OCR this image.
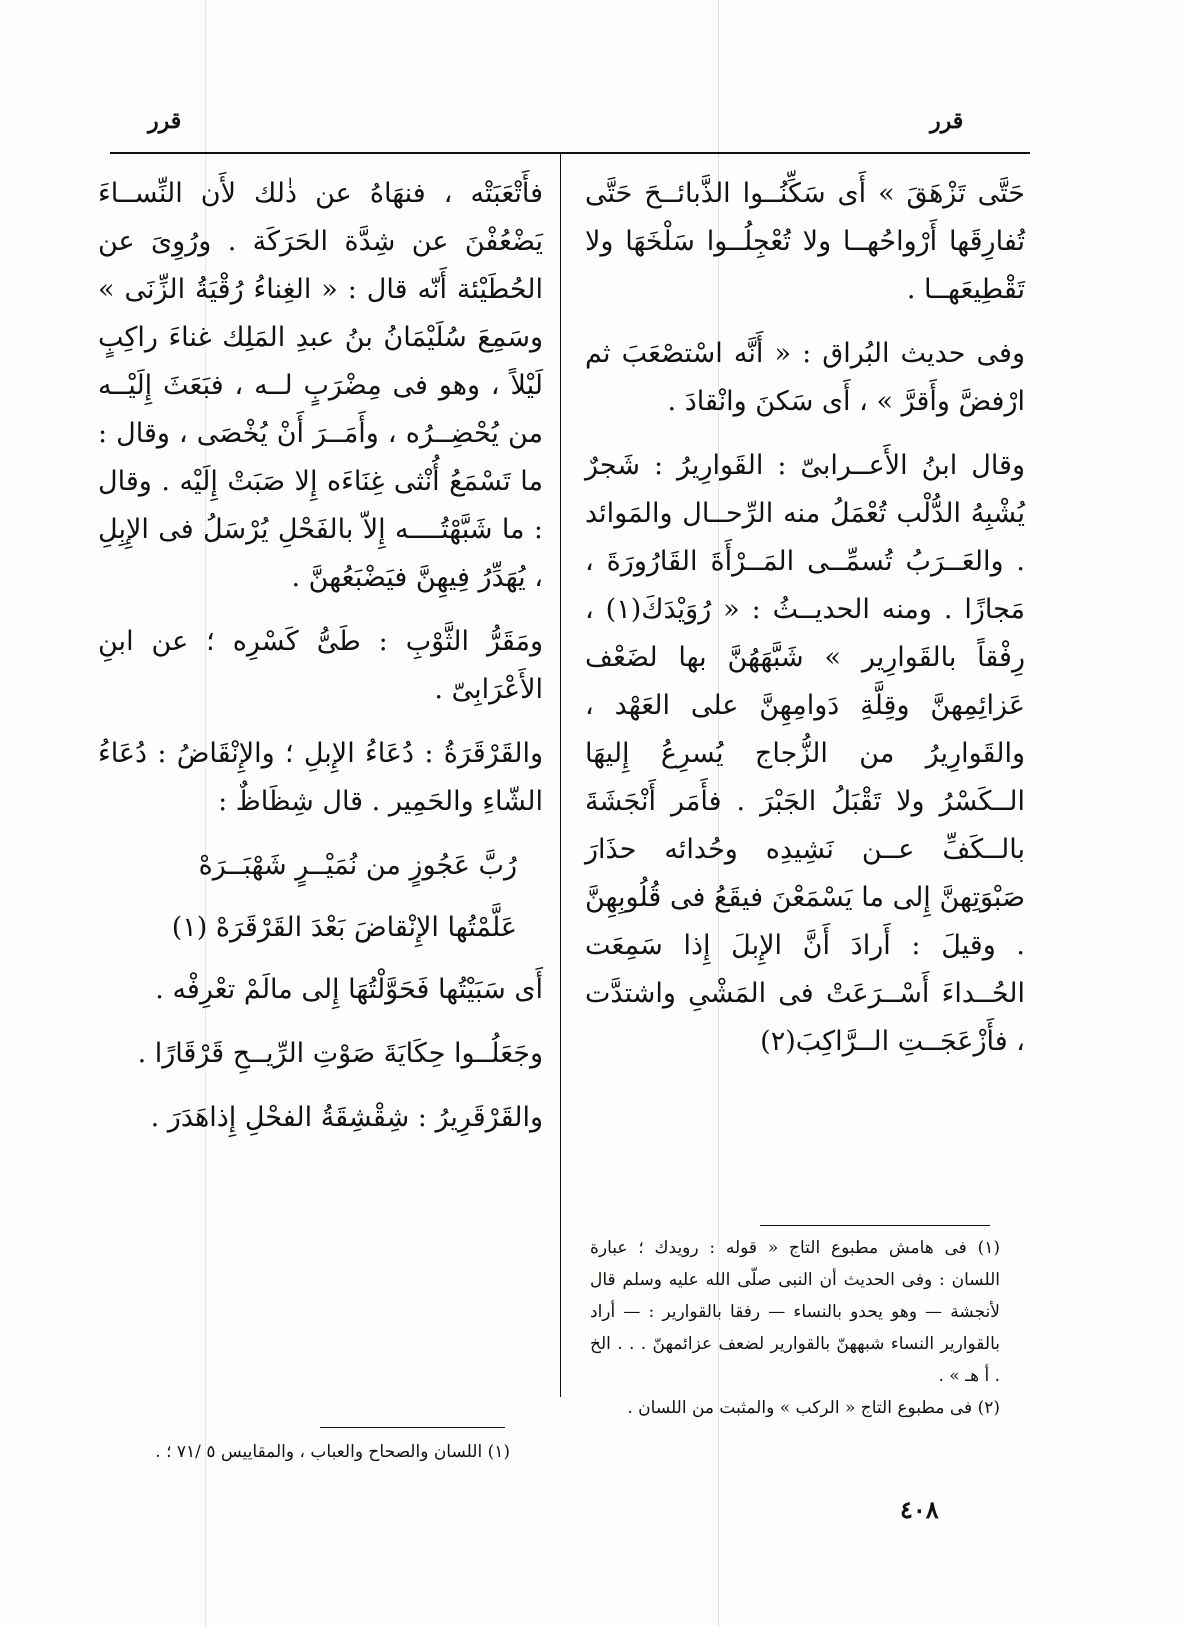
قرر
قرر

حَتَّى تَزْهَقَ » أَى سَكِّنُــوا الذَّبائــحَ حَتَّى تُفارِقَها أَرْواحُهــا ولا تُعْجِلُــوا سَلْخَهَا ولا تَقْطِيعَهــا .

وفى حديث البُراق : « أَنَّه اسْتصْعَبَ ثم ارْفضَّ وأَقرَّ » ، أَى سَكنَ وانْقادَ .

وقال ابنُ الأَعــرابىّ : القَوارِيرُ : شَجرٌ يُشْبِهُ الدُّلْب تُعْمَلُ منه الرِّحــال والمَوائد . والعَــرَبُ تُسمِّــى المَــرْأَةَ القَارُورَةَ ، مَجازًا . ومنه الحديــثُ : « رُوَيْدَكَ(١) ، رِفْقاً بالقَوارِير » شَبَّهَهُنَّ بها لضَعْف عَزائِمِهنَّ وقِلَّةِ دَوامِهِنَّ على العَهْد ، والقَوارِيرُ من الزُّجاج يُسرِعُ إِليهَا الــكَسْرُ ولا تَقْبَلُ الجَبْرَ . فأَمَر أَنْجَشَةَ بالــكَفِّ عــن نَشِيدِه وحُدائه حذَارَ صَبْوَتِهنَّ إِلى ما يَسْمَعْنَ فيقَعُ فى قُلُوبِهِنَّ . وقيلَ : أَرادَ أَنَّ الإِبلَ إِذا سَمِعَت الحُــداءَ أَسْــرَعَتْ فى المَشْىِ واشتدَّت ، فأَزْعَجَــتِ الــرَّاكِبَ(٢)

فأَتْعَبَتْه ، فنهَاهُ عن ذٰلك لأَن النِّســاءَ يَضْعُفْنَ عن شِدَّة الحَرَكَة . ورُوِىَ عن الحُطَيْئة أَنّه قال : « الغِناءُ رُقْيَةُ الزِّنَى » وسَمِعَ سُلَيْمَانُ بنُ عبدِ المَلِك غناءَ راكِبٍ لَيْلاً ، وهو فى مِضْرَبٍ لــه ، فبَعَثَ إِلَيْــه من يُحْضِــرُه ، وأَمَــرَ أَنْ يُخْصَى ، وقال : ما تَسْمَعُ أُنْثى غِنَاءَه إِلا صَبَتْ إِلَيْه . وقال : ما شَبَّهْتُــــه إِلاّ بالفَحْلِ يُرْسَلُ فى الإِبِلِ ، يُهَدِّرُ فِيهِنَّ فيَضْبَعُهنَّ .

ومَقَرُّ الثَّوْبِ : طَىُّ كَسْرِه ؛ عن ابنِ الأَعْرَابِىّ .

والقَرْقَرَةُ : دُعَاءُ الإِبلِ ؛ والإِنْقَاضُ : دُعَاءُ الشّاءِ والحَمِير . قال شِظَاظٌ :

رُبَّ عَجُوزٍ من نُمَيْــرٍ شَهْبَــرَهْ

عَلَّمْتُها الإِنْقاضَ بَعْدَ القَرْقَرَهْ (١)

أَى سَبَيْتُها فَحَوَّلْتُهَا إِلى مالَمْ تعْرِفْه .

وجَعَلُــوا حِكَايَةَ صَوْتِ الرِّيــحِ قَرْقَارًا .

والقَرْقَرِيرُ : شِقْشِقَةُ الفحْلِ إِذاهَدَرَ .

(١) فى هامش مطبوع التاج « قوله : رويدك ؛ عبارة اللسان : وفى الحديث أن النبى صلّى الله عليه وسلم قال لأنجشة — وهو يحدو بالنساء — رفقا بالقوارير : — أراد بالقوارير النساء شبههنّ بالقوارير لضعف عزائمهنّ . . . الخ . أ هـ » .

(٢) فى مطبوع التاج « الركب » والمثبت من اللسان .

(١) اللسان والصحاح والعباب ، والمقاييس ٥ /٧١ ؛ .

٤٠٨
